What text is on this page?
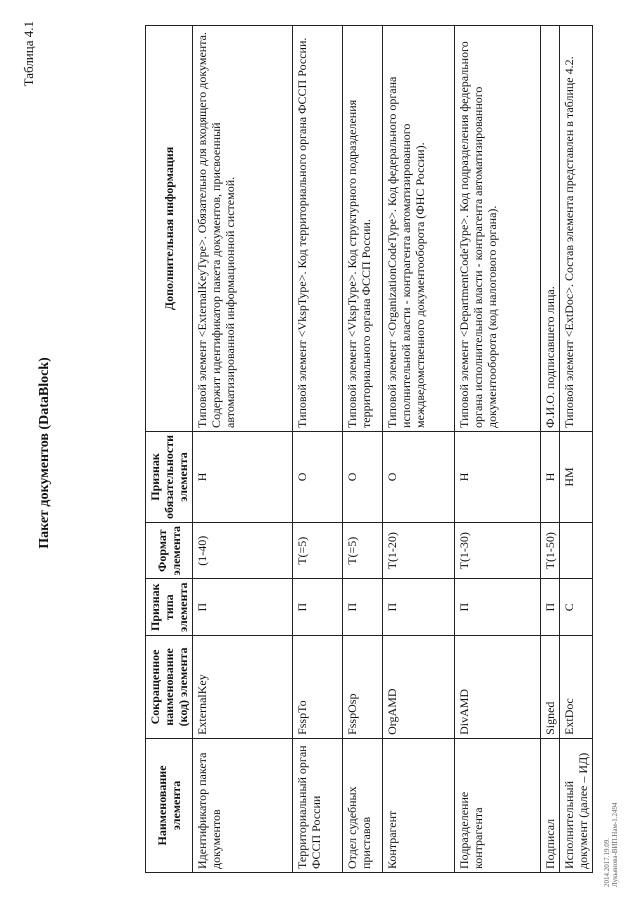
Таблица 4.1
Пакет документов (DataBlock)
Наименование элемента	Сокращенное наименование (код) элемента	Признак типа элемента	Формат элемента	Признак обязательности элемента	Дополнительная информация
Идентификатор пакета документов	ExternalKey	П	(1-40)	Н	Типовой элемент <ExternalKeyType>. Обязательно для входящего документа. Содержит идентификатор пакета документов, присвоенный автоматизированной информационной системой.
Территориальный орган ФССП России	FsspTo	П	T(=5)	О	Типовой элемент <VkspType>. Код территориального органа ФССП России.
Отдел судебных приставов	FsspOsp	П	T(=5)	О	Типовой элемент <VkspType>. Код структурного подразделения территориального органа ФССП России.
Контрагент	OrgAMD	П	T(1-20)	О	Типовой элемент <OrganizationCodeType>. Код федерального органа исполнительной власти - контрагента автоматизированного междведомственного документооборота (ФНС России).
Подразделение контрагента	DivAMD	П	T(1-30)	Н	Типовой элемент <DepartmentCodeType>. Код подразделения федерального органа исполнительной власти - контрагента автоматизированного документооборота (код налогового органа).
Подписал	Signed	П	T(1-50)	Н	Ф.И.О. подписавшего лица.
Исполнительный документ (далее – ИД)	ExtDoc	С		НМ	Типовой элемент <ExtDoc>. Состав элемента представлен в таблице 4.2.
2014.2017.19.09. Лукьянова-ВИП.Нам-1.2494
